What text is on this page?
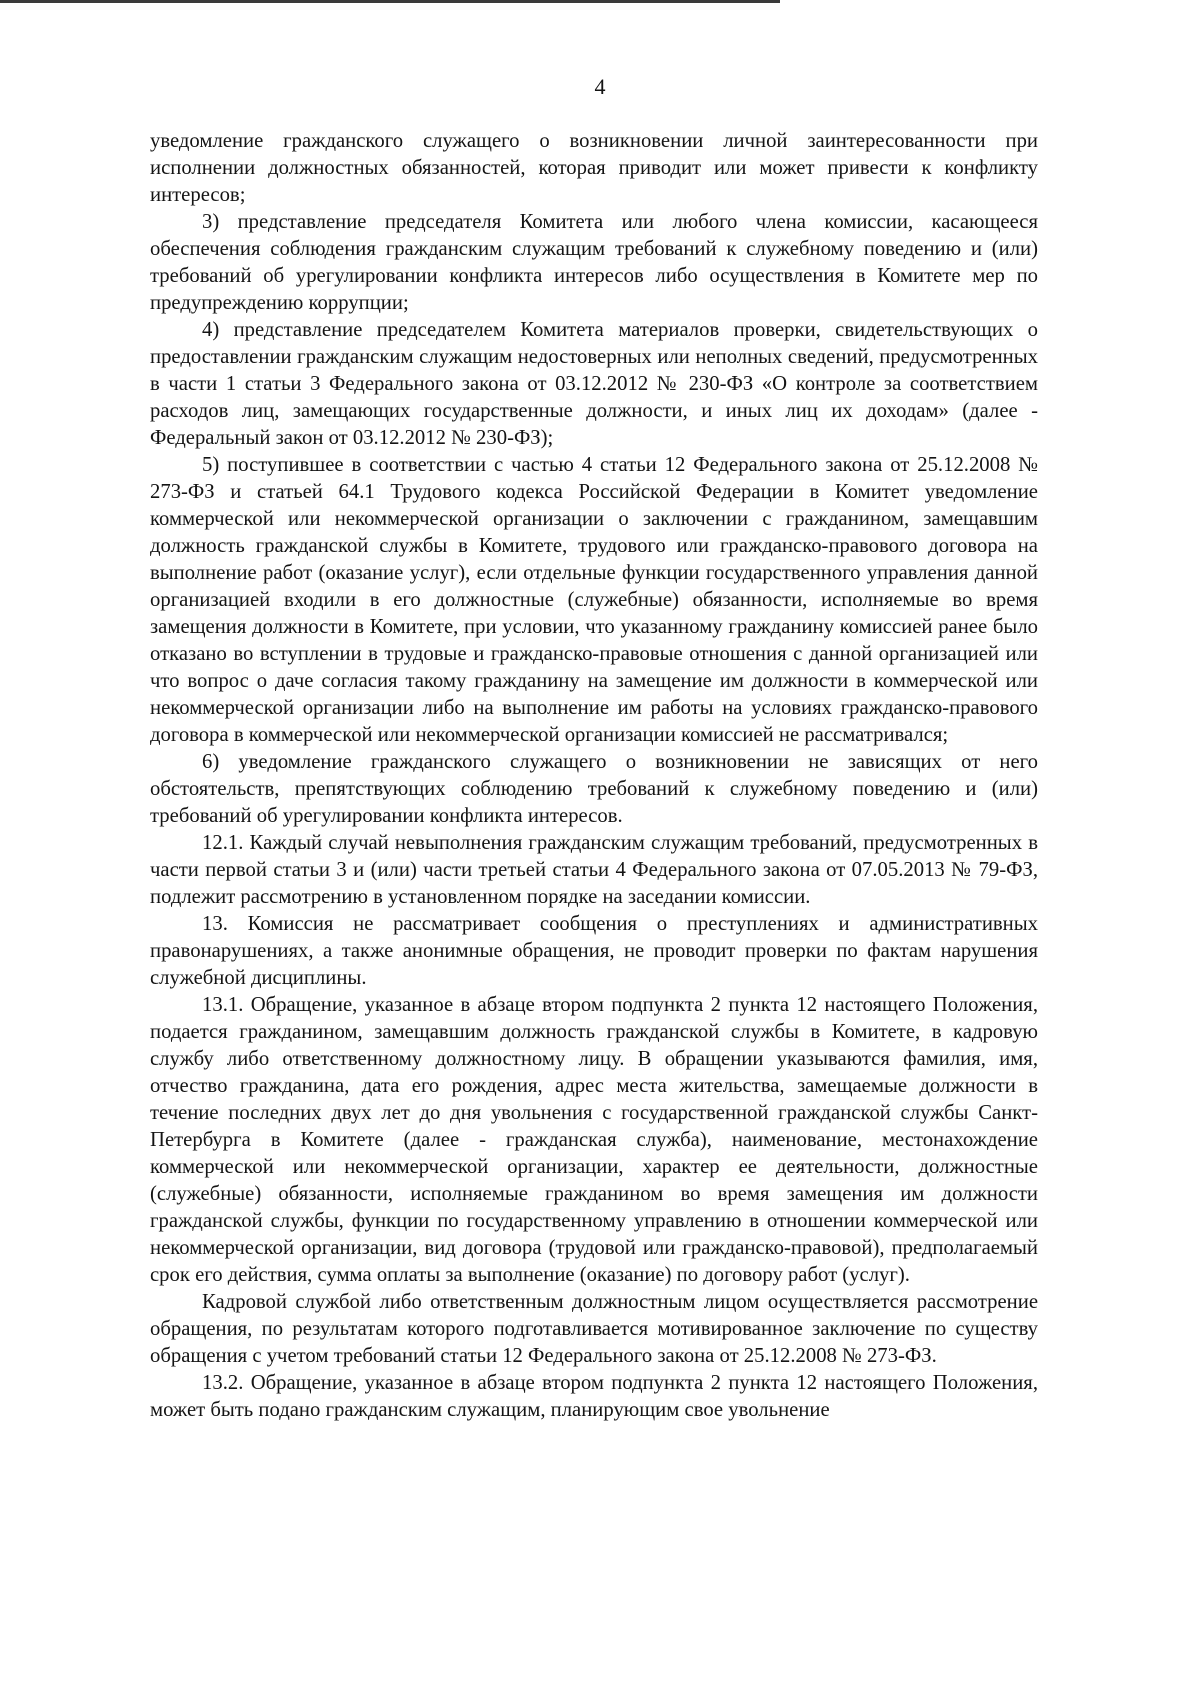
4

уведомление гражданского служащего о возникновении личной заинтересованности при исполнении должностных обязанностей, которая приводит или может привести к конфликту интересов;

3) представление председателя Комитета или любого члена комиссии, касающееся обеспечения соблюдения гражданским служащим требований к служебному поведению и (или) требований об урегулировании конфликта интересов либо осуществления в Комитете мер по предупреждению коррупции;

4) представление председателем Комитета материалов проверки, свидетельствующих о предоставлении гражданским служащим недостоверных или неполных сведений, предусмотренных в части 1 статьи 3 Федерального закона от 03.12.2012 № 230-ФЗ «О контроле за соответствием расходов лиц, замещающих государственные должности, и иных лиц их доходам» (далее - Федеральный закон от 03.12.2012 № 230-ФЗ);

5) поступившее в соответствии с частью 4 статьи 12 Федерального закона от 25.12.2008 № 273-ФЗ и статьей 64.1 Трудового кодекса Российской Федерации в Комитет уведомление коммерческой или некоммерческой организации о заключении с гражданином, замещавшим должность гражданской службы в Комитете, трудового или гражданско-правового договора на выполнение работ (оказание услуг), если отдельные функции государственного управления данной организацией входили в его должностные (служебные) обязанности, исполняемые во время замещения должности в Комитете, при условии, что указанному гражданину комиссией ранее было отказано во вступлении в трудовые и гражданско-правовые отношения с данной организацией или что вопрос о даче согласия такому гражданину на замещение им должности в коммерческой или некоммерческой организации либо на выполнение им работы на условиях гражданско-правового договора в коммерческой или некоммерческой организации комиссией не рассматривался;

6) уведомление гражданского служащего о возникновении не зависящих от него обстоятельств, препятствующих соблюдению требований к служебному поведению и (или) требований об урегулировании конфликта интересов.

12.1. Каждый случай невыполнения гражданским служащим требований, предусмотренных в части первой статьи 3 и (или) части третьей статьи 4 Федерального закона от 07.05.2013 № 79-ФЗ, подлежит рассмотрению в установленном порядке на заседании комиссии.

13. Комиссия не рассматривает сообщения о преступлениях и административных правонарушениях, а также анонимные обращения, не проводит проверки по фактам нарушения служебной дисциплины.

13.1. Обращение, указанное в абзаце втором подпункта 2 пункта 12 настоящего Положения, подается гражданином, замещавшим должность гражданской службы в Комитете, в кадровую службу либо ответственному должностному лицу. В обращении указываются фамилия, имя, отчество гражданина, дата его рождения, адрес места жительства, замещаемые должности в течение последних двух лет до дня увольнения с государственной гражданской службы Санкт-Петербурга в Комитете (далее - гражданская служба), наименование, местонахождение коммерческой или некоммерческой организации, характер ее деятельности, должностные (служебные) обязанности, исполняемые гражданином во время замещения им должности гражданской службы, функции по государственному управлению в отношении коммерческой или некоммерческой организации, вид договора (трудовой или гражданско-правовой), предполагаемый срок его действия, сумма оплаты за выполнение (оказание) по договору работ (услуг).

Кадровой службой либо ответственным должностным лицом осуществляется рассмотрение обращения, по результатам которого подготавливается мотивированное заключение по существу обращения с учетом требований статьи 12 Федерального закона от 25.12.2008 № 273-ФЗ.

13.2. Обращение, указанное в абзаце втором подпункта 2 пункта 12 настоящего Положения, может быть подано гражданским служащим, планирующим свое увольнение
